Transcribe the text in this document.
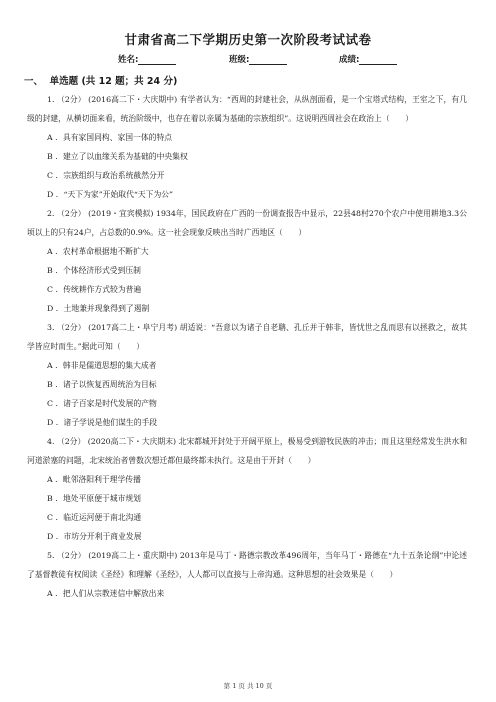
甘肃省高二下学期历史第一次阶段考试试卷
姓名:	班级:	成绩:
一、 单选题 (共 12 题；共 24 分)

1. （2分） (2016高二下・大庆期中) 有学者认为：“西周的封建社会，从纵剖面看，是一个宝塔式结构，王室之下，有几级的封建，从横切面来看，统治阶级中，也存在着以亲属为基础的宗族组织”。这说明西周社会在政治上（　　）

A ．具有家国同构、家国一体的特点

B ．建立了以血缘关系为基础的中央集权

C ．宗族组织与政治系统截然分开

D ．“天下为家”开始取代“天下为公”

2. （2分） (2019・宜宾模拟) 1934年，国民政府在广西的一份调查报告中显示，22县48村270个农户中使用耕地3.3公顷以上的只有24户，占总数的0.9%。这一社会现象反映出当时广西地区（　　）

A ．农村革命根据地不断扩大

B ．个体经济形式受到压制

C ．传统耕作方式较为普遍

D ．土地兼并现象得到了遏制

3. （2分） (2017高二上・阜宁月考) 胡适说：“吾意以为诸子自老聃、孔丘并于韩非，皆忧世之乱而思有以拯救之，故其学皆应时而生。”据此可知（　　）

A ．韩非是儒道思想的集大成者

B ．诸子以恢复西周统治为目标

C ．诸子百家是时代发展的产物

D ．诸子学说是他们谋生的手段

4. （2分） (2020高二下・大庆期末) 北宋都城开封处于开阔平原上，极易受到游牧民族的冲击；而且这里经常发生洪水和河道淤塞的问题，北宋统治者曾数次想迁都但最终都未执行。这是由于开封（　　）

A ．毗邻洛阳利于理学传播

B ．地处平原便于城市规划

C ．临近运河便于南北沟通

D ．市坊分开利于商业发展

5. （2分） (2019高二上・重庆期中) 2013年是马丁・路德宗教改革496周年，当年马丁・路德在“九十五条论纲”中论述了基督教徒有权阅读《圣经》和理解《圣经》，人人都可以直接与上帝沟通。这种思想的社会效果是（　　）

A ．把人们从宗教迷信中解放出来

第 1 页 共 10 页
